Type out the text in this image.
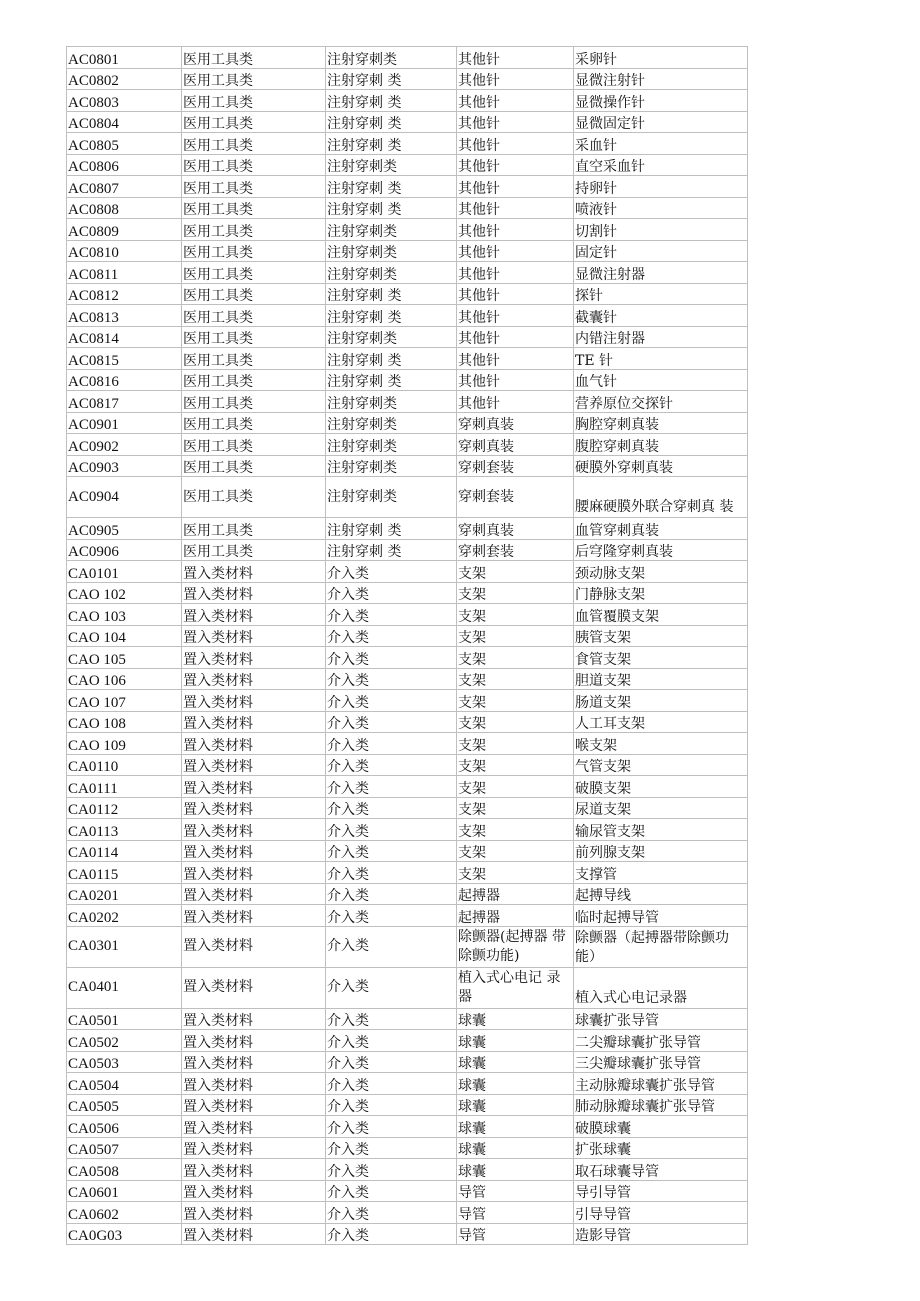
AC0801	医用工具类	注射穿刺类	其他针	采卵针
AC0802	医用工具类	注射穿刺 类	其他针	显微注射针
AC0803	医用工具类	注射穿刺 类	其他针	显微操作针
AC0804	医用工具类	注射穿刺 类	其他针	显微固定针
AC0805	医用工具类	注射穿刺 类	其他针	采血针
AC0806	医用工具类	注射穿刺类	其他针	直空采血针
AC0807	医用工具类	注射穿刺 类	其他针	持卵针
AC0808	医用工具类	注射穿刺 类	其他针	喷液针
AC0809	医用工具类	注射穿刺类	其他针	切割针
AC0810	医用工具类	注射穿刺类	其他针	固定针
AC0811	医用工具类	注射穿刺类	其他针	显微注射器
AC0812	医用工具类	注射穿刺 类	其他针	探针
AC0813	医用工具类	注射穿刺 类	其他针	截囊针
AC0814	医用工具类	注射穿刺类	其他针	内错注射器
AC0815	医用工具类	注射穿刺 类	其他针	TE 针
AC0816	医用工具类	注射穿刺 类	其他针	血气针
AC0817	医用工具类	注射穿刺类	其他针	营养原位交探针
AC0901	医用工具类	注射穿刺类	穿刺真装	胸腔穿刺真装
AC0902	医用工具类	注射穿刺类	穿刺真装	腹腔穿刺真装
AC0903	医用工具类	注射穿刺类	穿刺套装	硬膜外穿刺真装
AC0904	医用工具类	注射穿刺类	穿刺套装	腰麻硬膜外联合穿刺真 装
AC0905	医用工具类	注射穿刺 类	穿刺真装	血管穿刺真装
AC0906	医用工具类	注射穿刺 类	穿刺套装	后穹隆穿刺真装
CA0101	置入类材料	介入类	支架	颈动脉支架
CAO 102	置入类材料	介入类	支架	门静脉支架
CAO 103	置入类材料	介入类	支架	血管覆膜支架
CAO 104	置入类材料	介入类	支架	胰管支架
CAO 105	置入类材料	介入类	支架	食管支架
CAO 106	置入类材料	介入类	支架	胆道支架
CAO 107	置入类材料	介入类	支架	肠道支架
CAO 108	置入类材料	介入类	支架	人工耳支架
CAO 109	置入类材料	介入类	支架	喉支架
CA0110	置入类材料	介入类	支架	气管支架
CA0111	置入类材料	介入类	支架	破膜支架
CA0112	置入类材料	介入类	支架	尿道支架
CA0113	置入类材料	介入类	支架	输尿管支架
CA0114	置入类材料	介入类	支架	前列腺支架
CA0115	置入类材料	介入类	支架	支撑管
CA0201	置入类材料	介入类	起搏器	起搏导线
CA0202	置入类材料	介入类	起搏器	临时起搏导管
CA0301	置入类材料	介入类	除颤器(起搏器 带除颤功能)	除颤器（起搏器带除颤功能）
CA0401	置入类材料	介入类	植入式心电记 录器	植入式心电记录器
CA0501	置入类材料	介入类	球囊	球囊扩张导管
CA0502	置入类材料	介入类	球囊	二尖瓣球囊扩张导管
CA0503	置入类材料	介入类	球囊	三尖瓣球囊扩张导管
CA0504	置入类材料	介入类	球囊	主动脉瓣球囊扩张导管
CA0505	置入类材料	介入类	球囊	肺动脉瓣球囊扩张导管
CA0506	置入类材料	介入类	球囊	破膜球囊
CA0507	置入类材料	介入类	球囊	扩张球囊
CA0508	置入类材料	介入类	球囊	取石球囊导管
CA0601	置入类材料	介入类	导管	导引导管
CA0602	置入类材料	介入类	导管	引导导管
CA0G03	置入类材料	介入类	导管	造影导管
